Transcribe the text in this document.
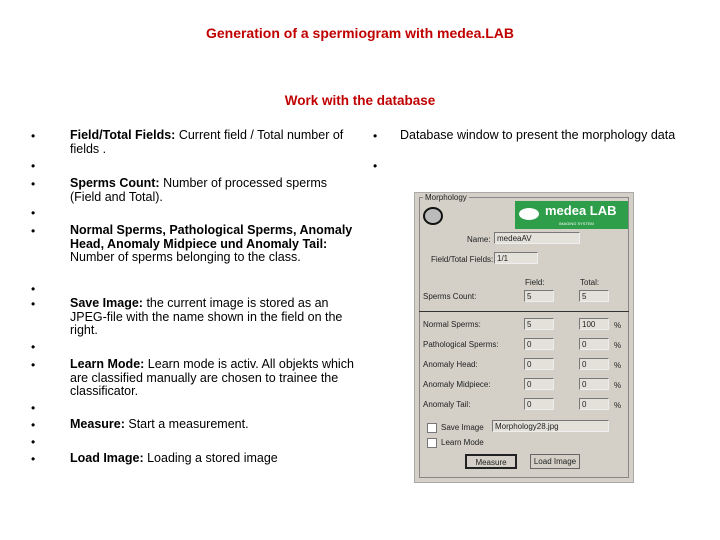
Generation of a spermiogram with medea.LAB
Work with the database
•	Field/Total Fields: Current field / Total number of fields .
•
•	Sperms Count: Number of processed sperms (Field and Total).
•
•	Normal Sperms, Pathological Sperms, Anomaly Head, Anomaly Midpiece und Anomaly Tail: Number of sperms belonging to the class.
•
•	Save Image: the current image is stored as an JPEG-file with the name shown in the field on the right.
•
•	Learn Mode: Learn mode is activ. All objekts which are classified manually are chosen to trainee the classificator.
•
•	Measure: Start a measurement.
•
•	Load Image: Loading a stored image
Database window to present the morphology data
•
•
Morphology
medea LAB
IMAGING SYSTEM
Name: medeaAV
Field/Total Fields: 1/1
Field:	Total:
Sperms Count:	5	5
Normal Sperms:	5	100	%
Pathological Sperms:	0	0	%
Anomaly Head:	0	0	%
Anomaly Midpiece:	0	0	%
Anomaly Tail:	0	0	%
Save Image	Morphology28.jpg
Learn Mode
Measure	Load Image
